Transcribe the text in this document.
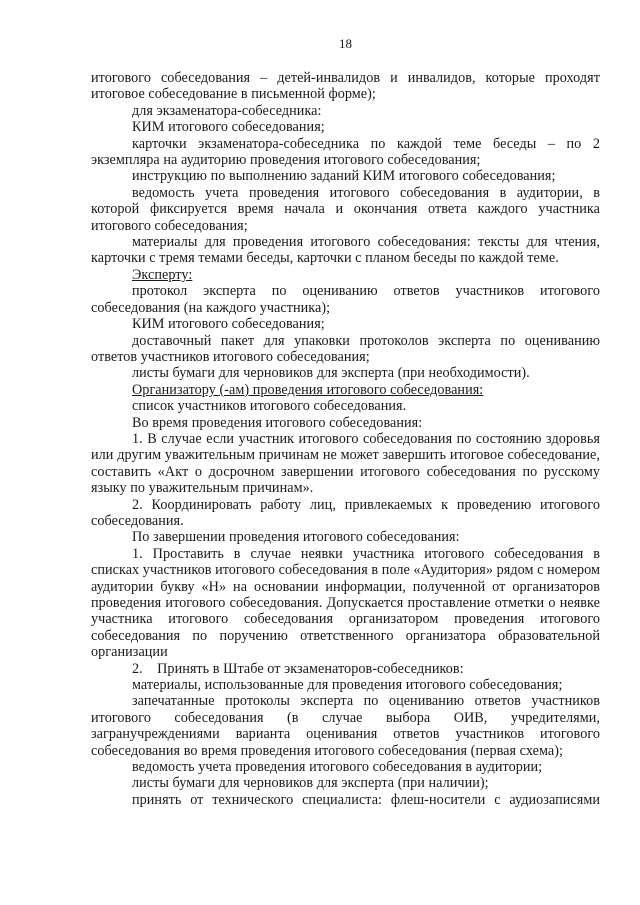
18

итогового собеседования – детей-инвалидов и инвалидов, которые проходят итоговое собеседование в письменной форме);

для экзаменатора-собеседника:

КИМ итогового собеседования;

карточки экзаменатора-собеседника по каждой теме беседы – по 2 экземпляра на аудиторию проведения итогового собеседования;

инструкцию по выполнению заданий КИМ итогового собеседования;

ведомость учета проведения итогового собеседования в аудитории, в которой фиксируется время начала и окончания ответа каждого участника итогового собеседования;

материалы для проведения итогового собеседования: тексты для чтения, карточки с тремя темами беседы, карточки с планом беседы по каждой теме.

Эксперту:

протокол эксперта по оцениванию ответов участников итогового собеседования (на каждого участника);

КИМ итогового собеседования;

доставочный пакет для упаковки протоколов эксперта по оцениванию ответов участников итогового собеседования;

листы бумаги для черновиков для эксперта (при необходимости).

Организатору (-ам) проведения итогового собеседования:

список участников итогового собеседования.

Во время проведения итогового собеседования:

1. В случае если участник итогового собеседования по состоянию здоровья или другим уважительным причинам не может завершить итоговое собеседование, составить «Акт о досрочном завершении итогового собеседования по русскому языку по уважительным причинам».

2. Координировать работу лиц, привлекаемых к проведению итогового собеседования.

По завершении проведения итогового собеседования:

1. Проставить в случае неявки участника итогового собеседования в списках участников итогового собеседования в поле «Аудитория» рядом с номером аудитории букву «Н» на основании информации, полученной от организаторов проведения итогового собеседования. Допускается проставление отметки о неявке участника итогового собеседования организатором проведения итогового собеседования по поручению ответственного организатора образовательной организации

2.    Принять в Штабе от экзаменаторов-собеседников:

материалы, использованные для проведения итогового собеседования;

запечатанные протоколы эксперта по оцениванию ответов участников итогового собеседования (в случае выбора ОИВ, учредителями, загранучреждениями варианта оценивания ответов участников итогового собеседования во время проведения итогового собеседования (первая схема);

ведомость учета проведения итогового собеседования в аудитории;

листы бумаги для черновиков для эксперта (при наличии);

принять от технического специалиста: флеш-носители с аудиозаписями
